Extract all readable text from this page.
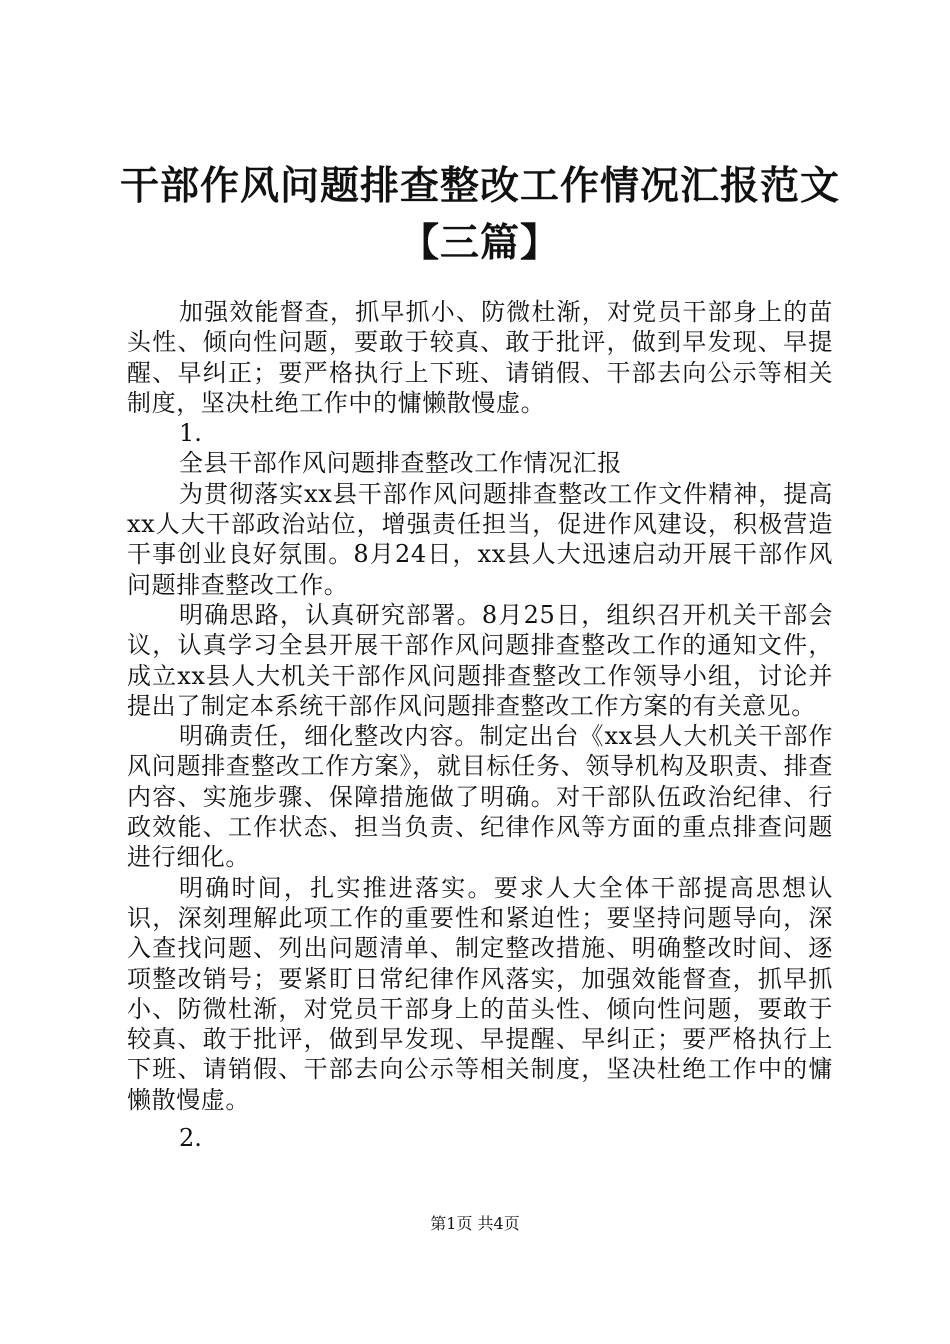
干部作风问题排查整改工作情况汇报范文【三篇】

加强效能督查，抓早抓小、防微杜渐，对党员干部身上的苗头性、倾向性问题，要敢于较真、敢于批评，做到早发现、早提醒、早纠正；要严格执行上下班、请销假、干部去向公示等相关制度，坚决杜绝工作中的慵懒散慢虚。

1.

全县干部作风问题排查整改工作情况汇报

为贯彻落实xx县干部作风问题排查整改工作文件精神，提高xx人大干部政治站位，增强责任担当，促进作风建设，积极营造干事创业良好氛围。8月24日，xx县人大迅速启动开展干部作风问题排查整改工作。

明确思路，认真研究部署。8月25日，组织召开机关干部会议，认真学习全县开展干部作风问题排查整改工作的通知文件，成立xx县人大机关干部作风问题排查整改工作领导小组，讨论并提出了制定本系统干部作风问题排查整改工作方案的有关意见。

明确责任，细化整改内容。制定出台《xx县人大机关干部作风问题排查整改工作方案》，就目标任务、领导机构及职责、排查内容、实施步骤、保障措施做了明确。对干部队伍政治纪律、行政效能、工作状态、担当负责、纪律作风等方面的重点排查问题进行细化。

明确时间，扎实推进落实。要求人大全体干部提高思想认识，深刻理解此项工作的重要性和紧迫性；要坚持问题导向，深入查找问题、列出问题清单、制定整改措施、明确整改时间、逐项整改销号；要紧盯日常纪律作风落实，加强效能督查，抓早抓小、防微杜渐，对党员干部身上的苗头性、倾向性问题，要敢于较真、敢于批评，做到早发现、早提醒、早纠正；要严格执行上下班、请销假、干部去向公示等相关制度，坚决杜绝工作中的慵懒散慢虚。

2.

第1页 共4页
